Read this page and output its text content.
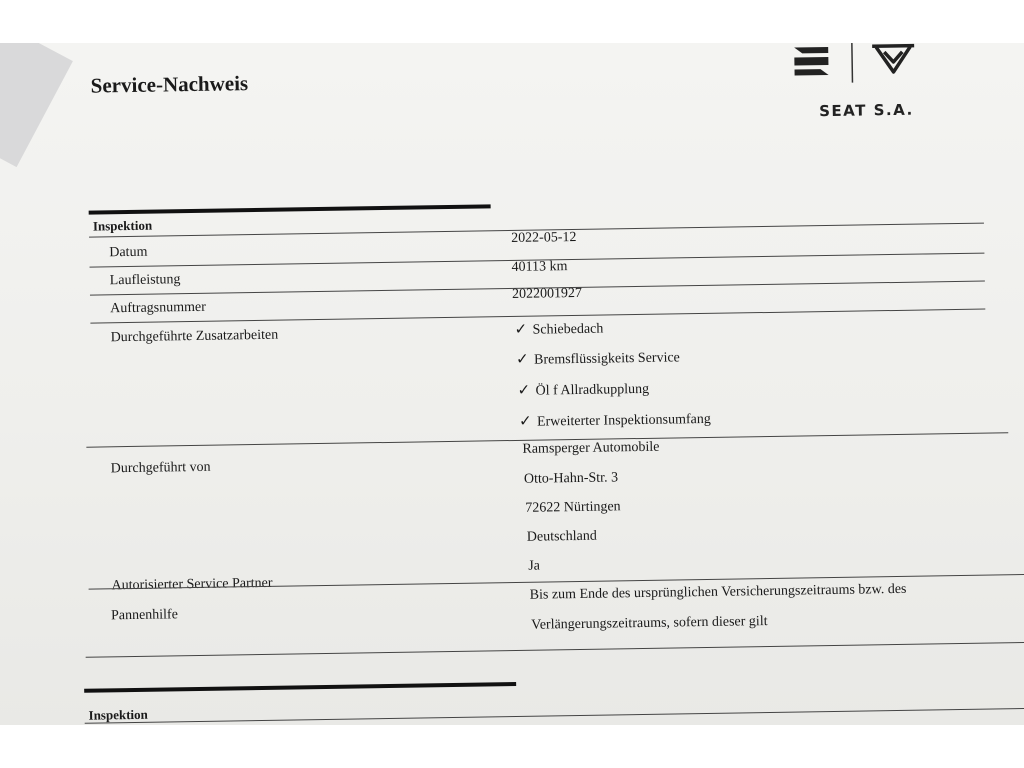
Service-Nachweis

SEAT S.A.

Inspektion
Datum
2022-05-12
Laufleistung
40113 km
Auftragsnummer
2022001927
Durchgeführte Zusatzarbeiten	✓ Schiebedach
✓ Bremsflüssigkeits Service
✓ Öl f Allradkupplung
✓ Erweiterter Inspektionsumfang
Durchgeführt von
Ramsperger Automobile
Otto-Hahn-Str. 3
72622 Nürtingen
Deutschland
Autorisierter Service Partner
Ja
Pannenhilfe
Bis zum Ende des ursprünglichen Versicherungszeitraums bzw. des
Verlängerungszeitraums, sofern dieser gilt
Inspektion
